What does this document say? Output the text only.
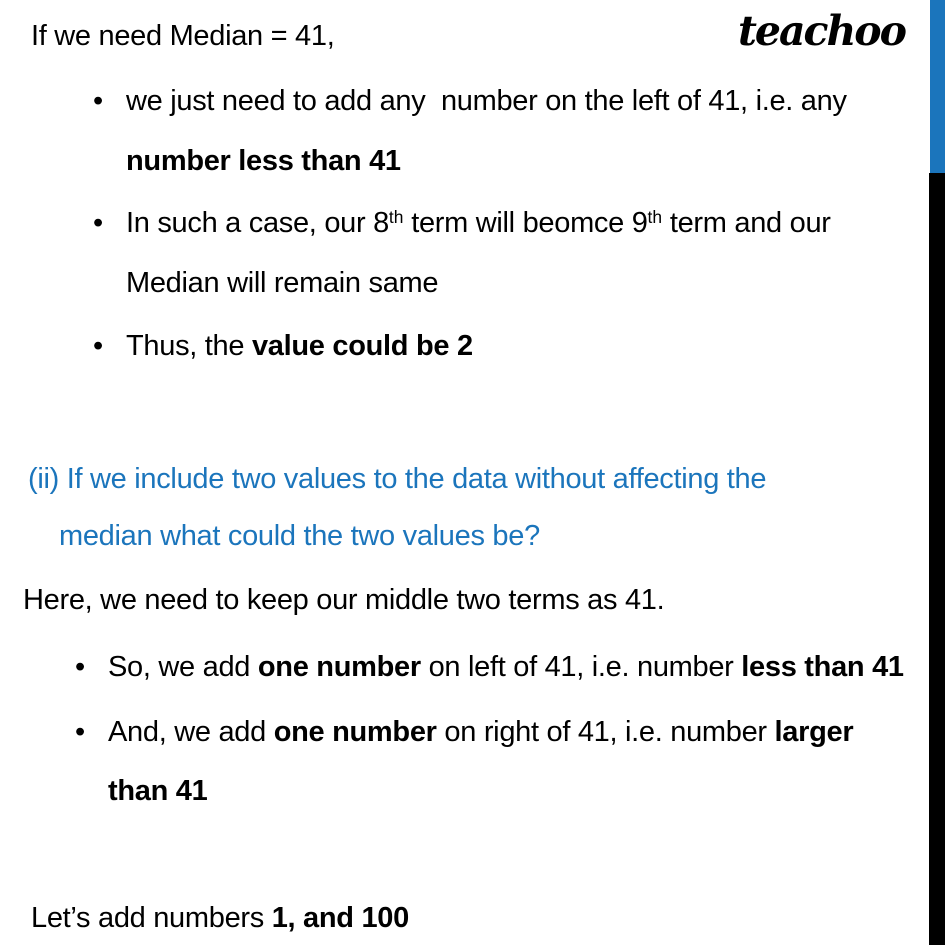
teachoo
If we need Median = 41,
• we just need to add any  number on the left of 41, i.e. any
number less than 41
• In such a case, our 8th term will beomce 9th term and our
Median will remain same
• Thus, the value could be 2
(ii) If we include two values to the data without affecting the
median what could the two values be?
Here, we need to keep our middle two terms as 41.
• So, we add one number on left of 41, i.e. number less than 41
• And, we add one number on right of 41, i.e. number larger
than 41
Let’s add numbers 1, and 100
